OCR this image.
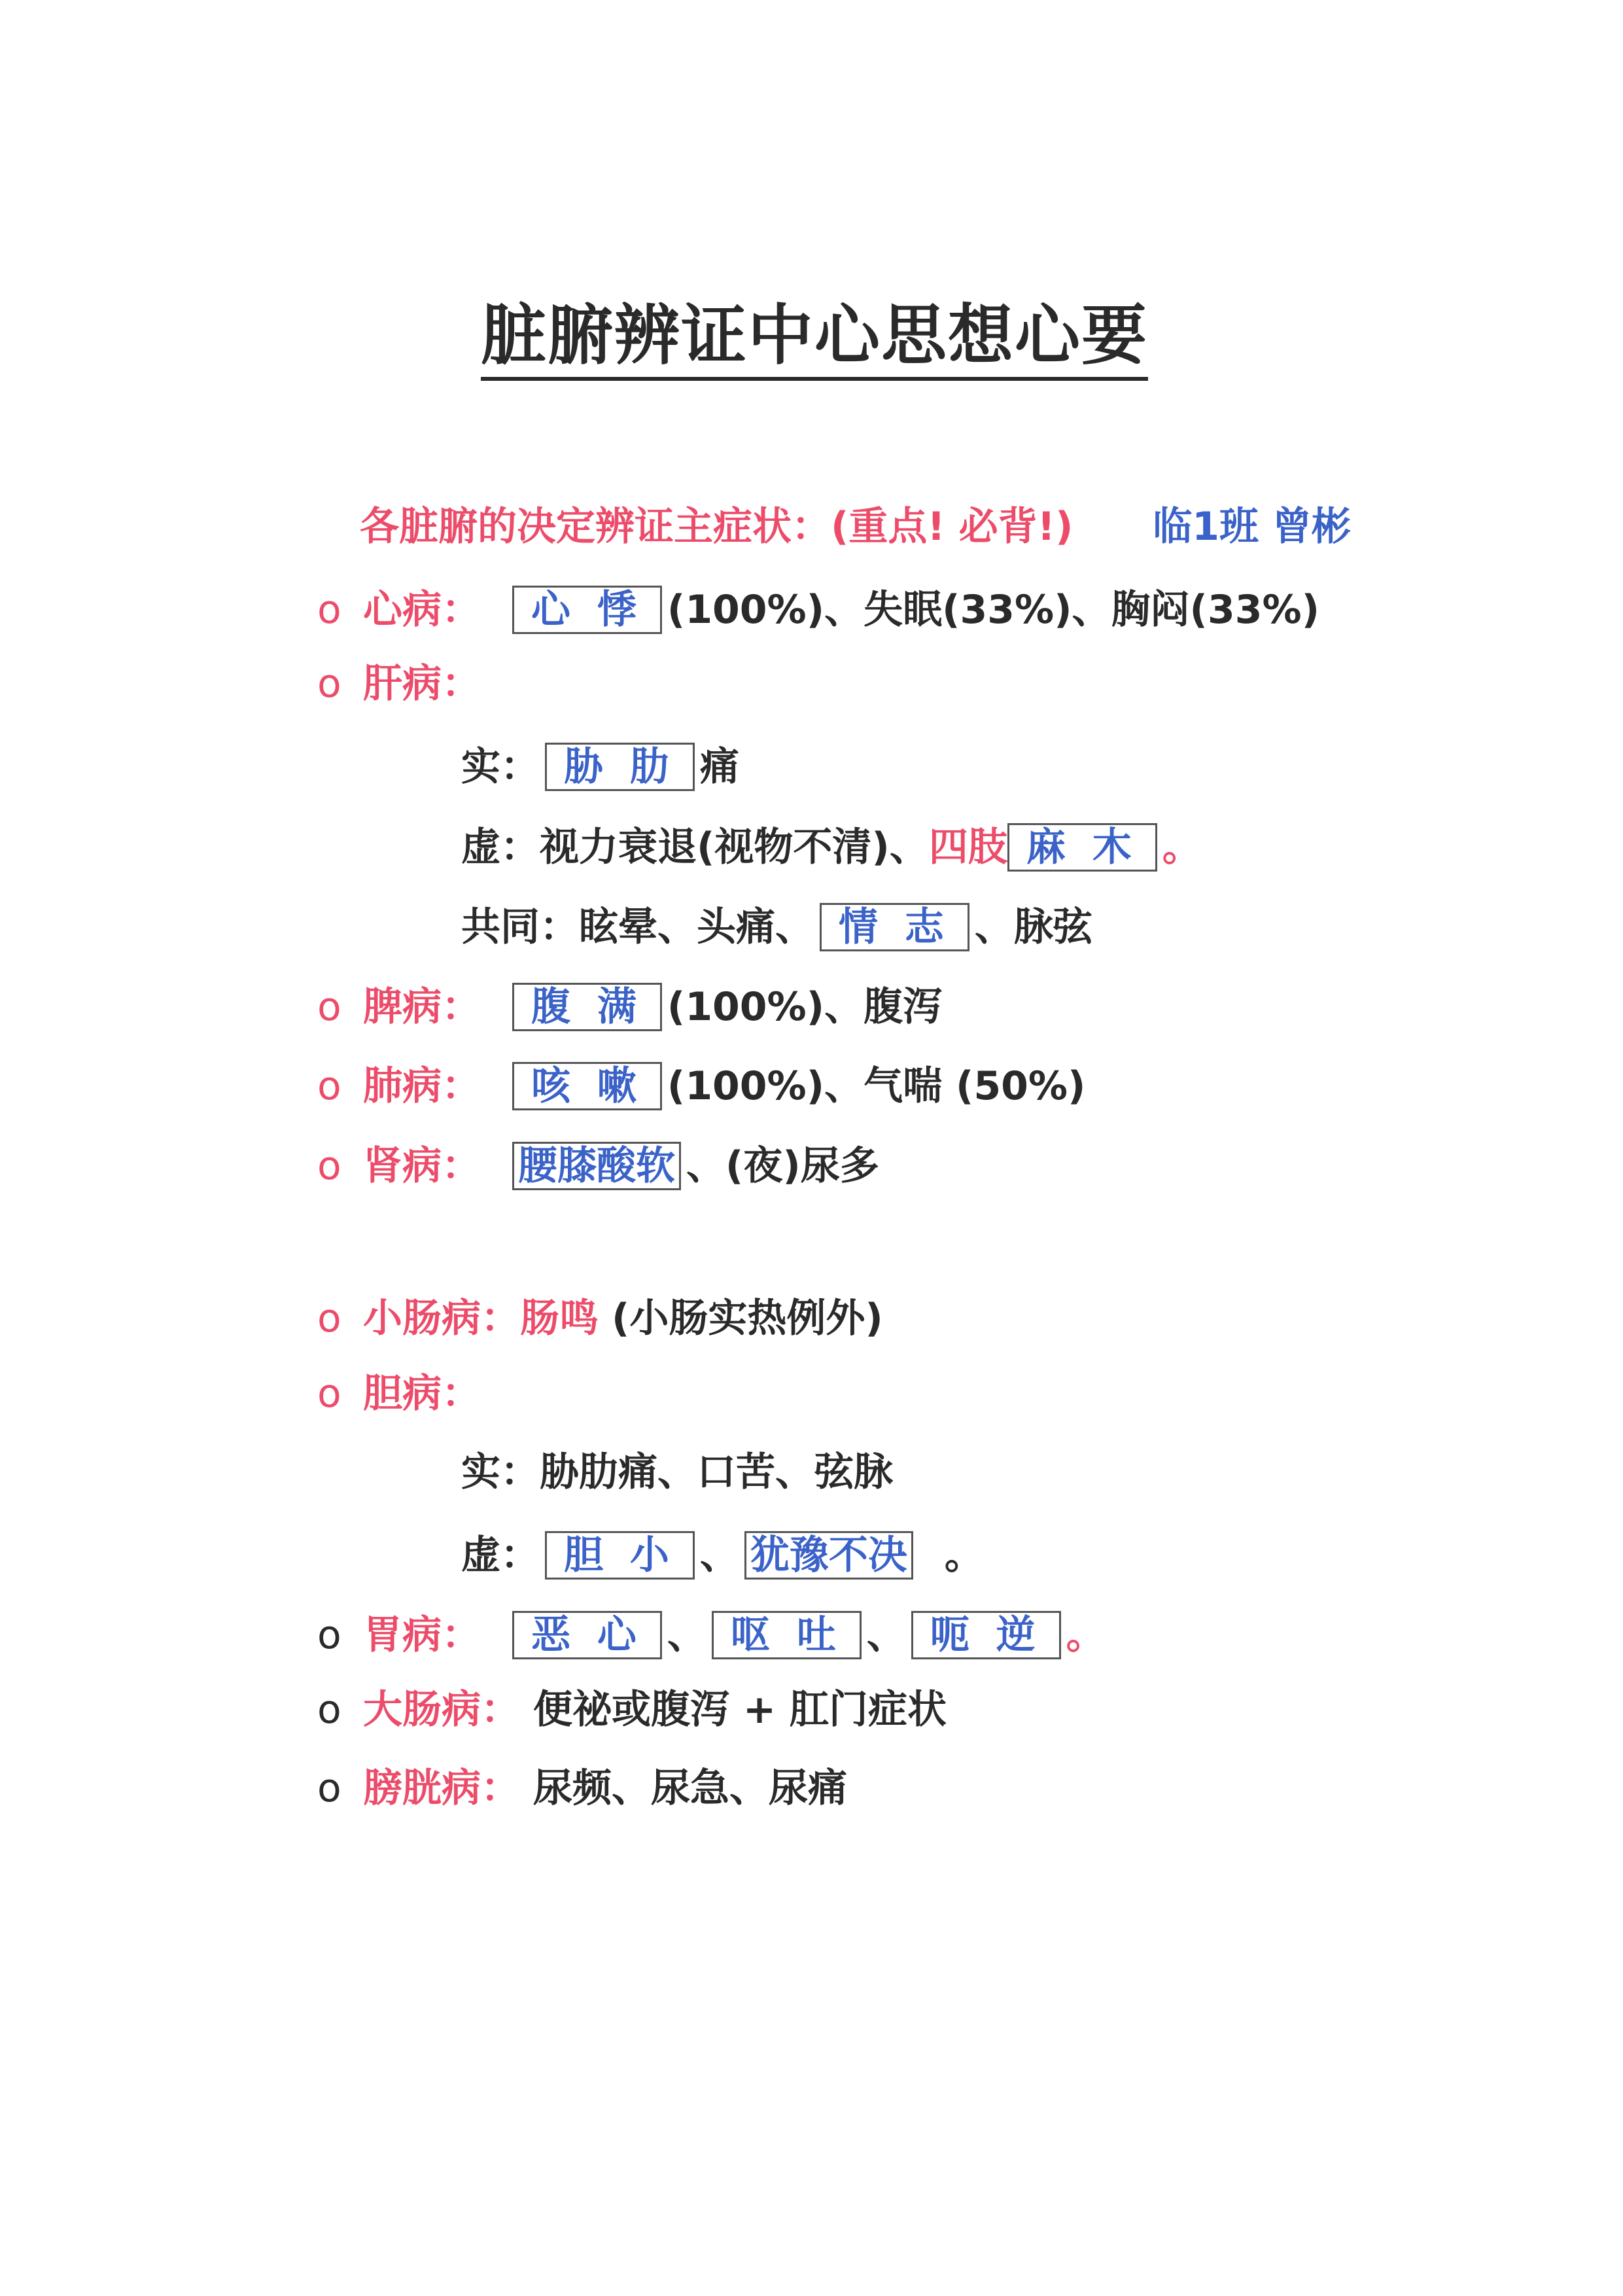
脏腑辨证中心思想心要
各脏腑的决定辨证主症状：(重点! 必背!) 临1班 曾彬
o 心病： 心 悸 (100%)、失眠(33%)、胸闷(33%)
o 肝病：
实： 胁 肋 痛
虚：视力衰退(视物不清)、四肢 麻 木 。
共同：眩晕、头痛、 情 志 、脉弦
o 脾病： 腹 满 (100%)、腹泻
o 肺病： 咳 嗽 (100%)、气喘 (50%)
o 肾病： 腰膝酸软 、(夜)尿多
o 小肠病：肠鸣 (小肠实热例外)
o 胆病：
实：胁肋痛、口苦、弦脉
虚： 胆 小 、 犹豫不决 。
o 胃病： 恶 心 、 呕 吐 、 呃 逆 。
o 大肠病： 便祕或腹泻 + 肛门症状
o 膀胱病： 尿频、尿急、尿痛
